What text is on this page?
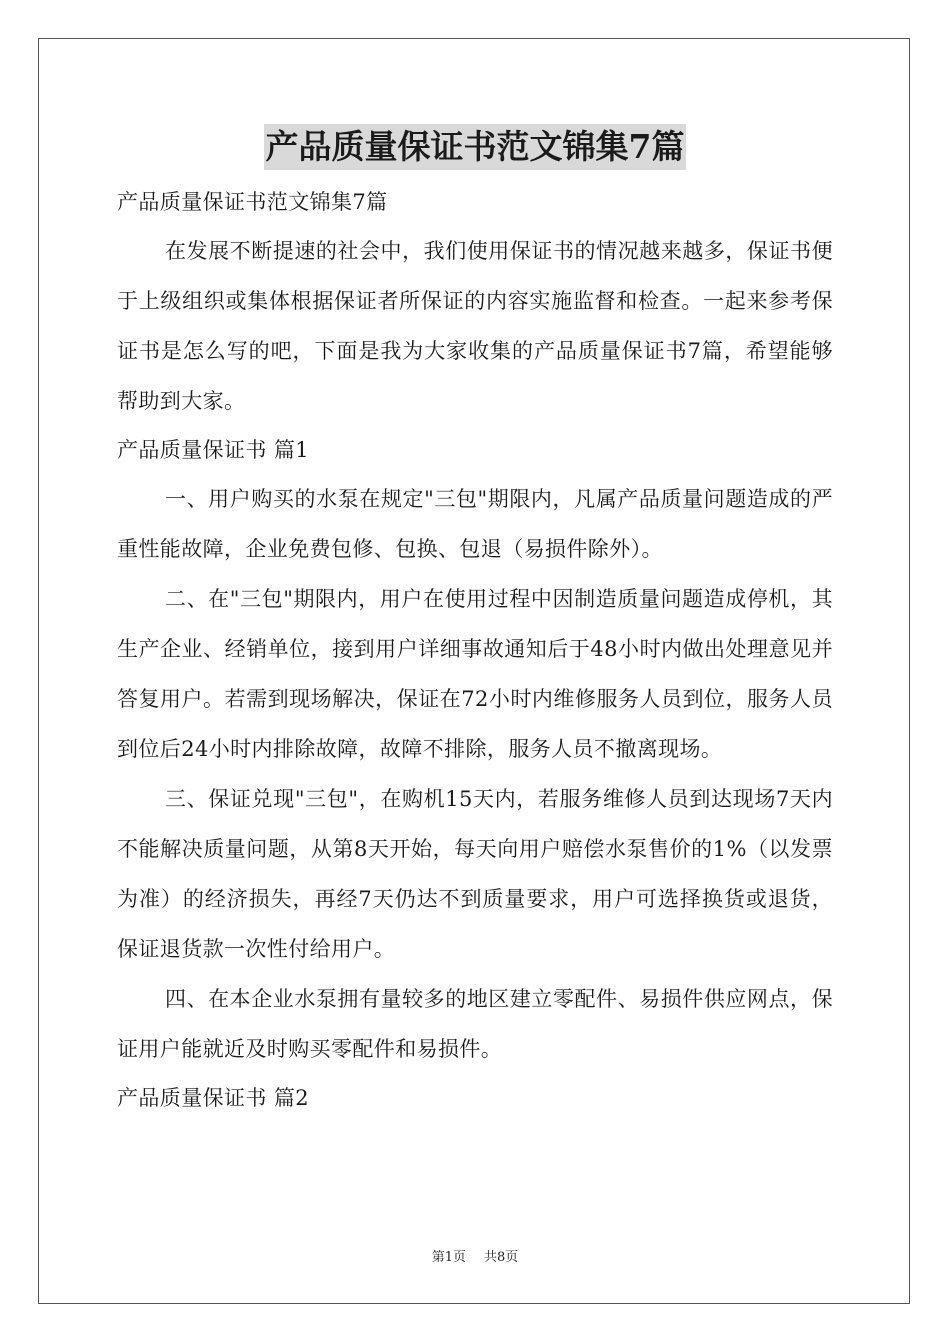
产品质量保证书范文锦集7篇

产品质量保证书范文锦集7篇

在发展不断提速的社会中，我们使用保证书的情况越来越多，保证书便于上级组织或集体根据保证者所保证的内容实施监督和检查。一起来参考保证书是怎么写的吧，下面是我为大家收集的产品质量保证书7篇，希望能够帮助到大家。

产品质量保证书 篇1

一、用户购买的水泵在规定"三包"期限内，凡属产品质量问题造成的严重性能故障，企业免费包修、包换、包退（易损件除外）。

二、在"三包"期限内，用户在使用过程中因制造质量问题造成停机，其生产企业、经销单位，接到用户详细事故通知后于48小时内做出处理意见并答复用户。若需到现场解决，保证在72小时内维修服务人员到位，服务人员到位后24小时内排除故障，故障不排除，服务人员不撤离现场。

三、保证兑现"三包"，在购机15天内，若服务维修人员到达现场7天内不能解决质量问题，从第8天开始，每天向用户赔偿水泵售价的1%（以发票为准）的经济损失，再经7天仍达不到质量要求，用户可选择换货或退货，保证退货款一次性付给用户。

四、在本企业水泵拥有量较多的地区建立零配件、易损件供应网点，保证用户能就近及时购买零配件和易损件。

产品质量保证书 篇2

第1页 共8页
